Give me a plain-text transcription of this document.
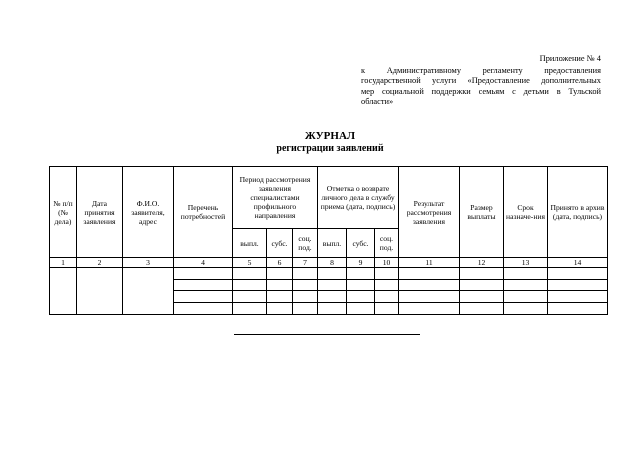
Приложение № 4
к Административному регламенту предоставления
государственной услуги «Предоставление дополнительных
мер социальной поддержки семьям с детьми в Тульской
области»
ЖУРНАЛ
регистрации заявлений
№ п/п (№ дела)	Дата принятия заявления	Ф.И.О. заявителя, адрес	Перечень потребностей	Период рассмотрения заявления специалистами профильного направления			Отметка о возврате личного дела в службу приема (дата, подпись)			Результат рассмотрения заявления	Размер выплаты	Срок назначе-ния	Принято в архив (дата, подпись)
				выпл.	субс.	соц. под.	выпл.	субс.	соц. под.				
1	2	3	4	5	6	7	8	9	10	11	12	13	14
